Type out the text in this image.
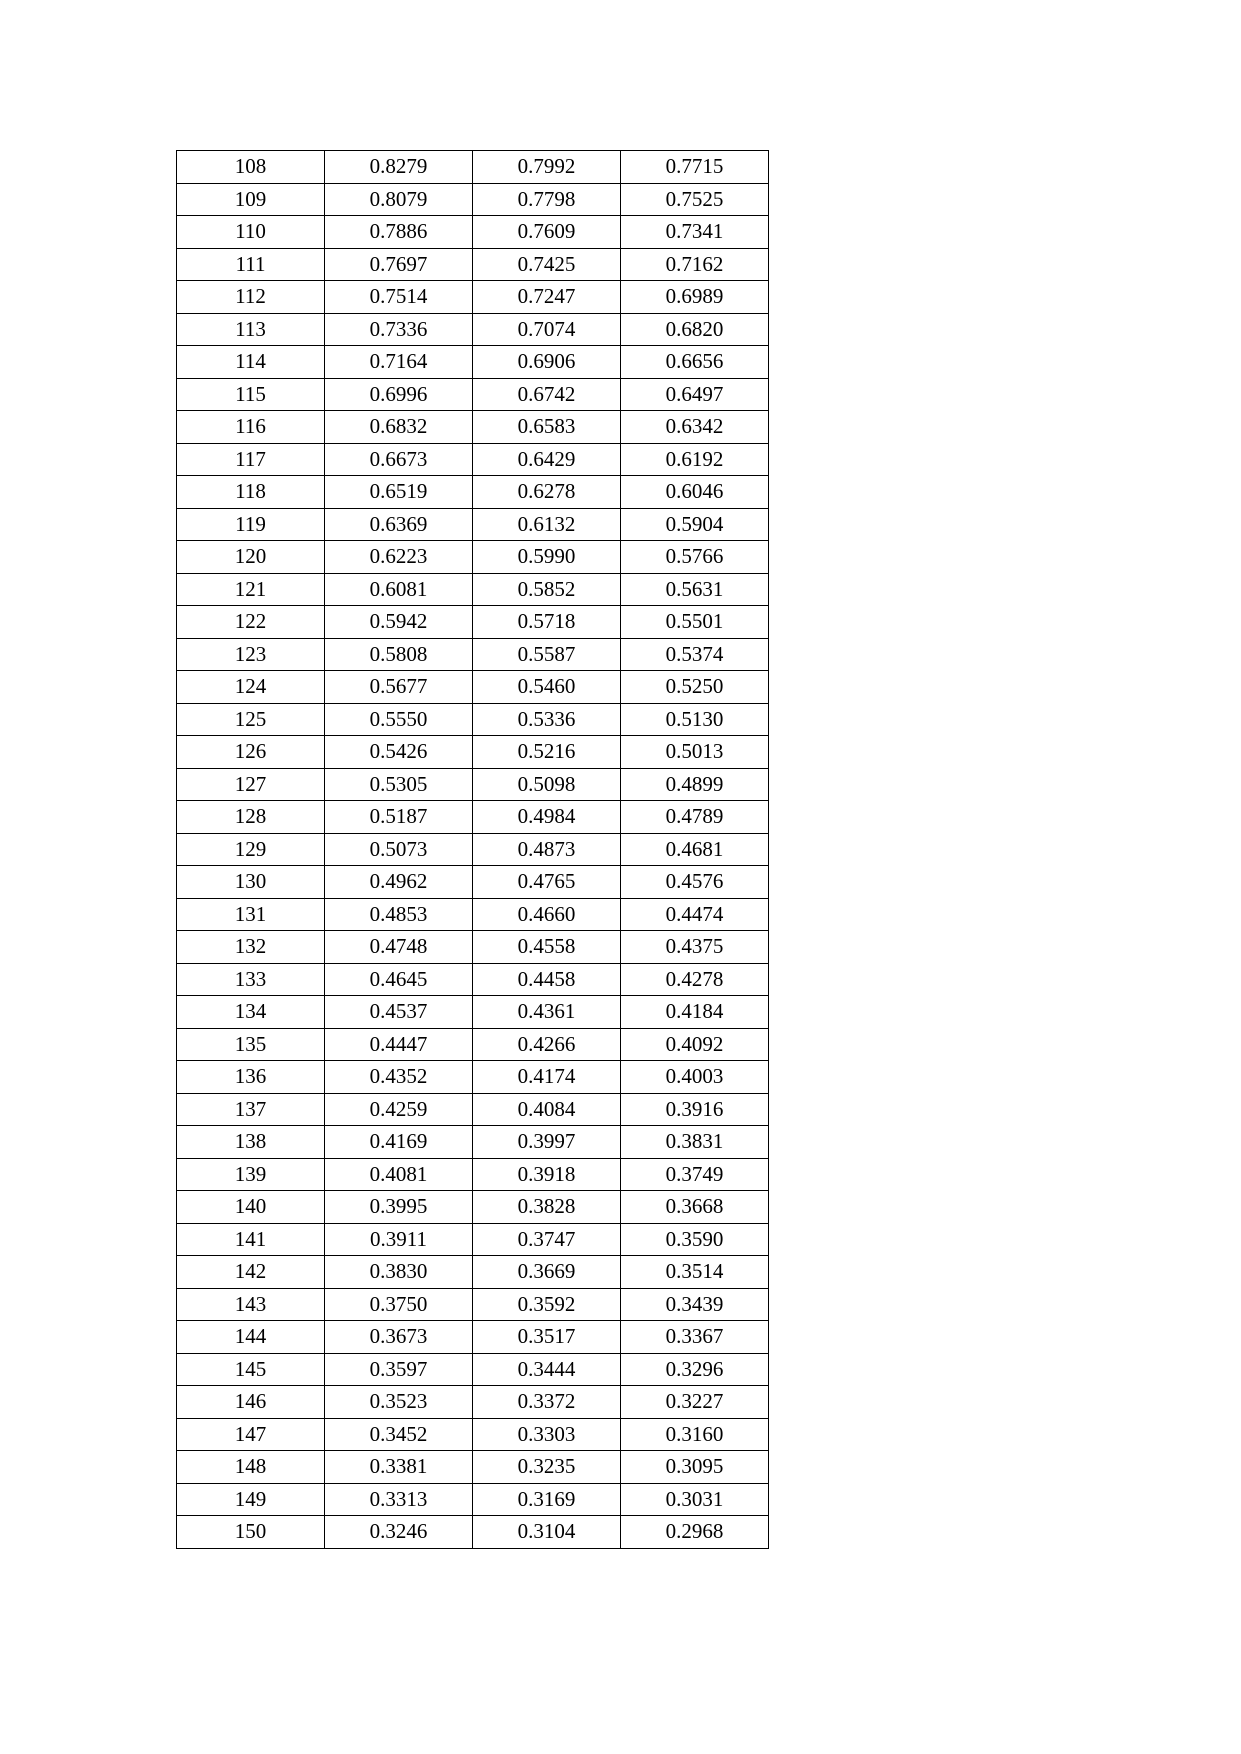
108	0.8279	0.7992	0.7715
109	0.8079	0.7798	0.7525
110	0.7886	0.7609	0.7341
111	0.7697	0.7425	0.7162
112	0.7514	0.7247	0.6989
113	0.7336	0.7074	0.6820
114	0.7164	0.6906	0.6656
115	0.6996	0.6742	0.6497
116	0.6832	0.6583	0.6342
117	0.6673	0.6429	0.6192
118	0.6519	0.6278	0.6046
119	0.6369	0.6132	0.5904
120	0.6223	0.5990	0.5766
121	0.6081	0.5852	0.5631
122	0.5942	0.5718	0.5501
123	0.5808	0.5587	0.5374
124	0.5677	0.5460	0.5250
125	0.5550	0.5336	0.5130
126	0.5426	0.5216	0.5013
127	0.5305	0.5098	0.4899
128	0.5187	0.4984	0.4789
129	0.5073	0.4873	0.4681
130	0.4962	0.4765	0.4576
131	0.4853	0.4660	0.4474
132	0.4748	0.4558	0.4375
133	0.4645	0.4458	0.4278
134	0.4537	0.4361	0.4184
135	0.4447	0.4266	0.4092
136	0.4352	0.4174	0.4003
137	0.4259	0.4084	0.3916
138	0.4169	0.3997	0.3831
139	0.4081	0.3918	0.3749
140	0.3995	0.3828	0.3668
141	0.3911	0.3747	0.3590
142	0.3830	0.3669	0.3514
143	0.3750	0.3592	0.3439
144	0.3673	0.3517	0.3367
145	0.3597	0.3444	0.3296
146	0.3523	0.3372	0.3227
147	0.3452	0.3303	0.3160
148	0.3381	0.3235	0.3095
149	0.3313	0.3169	0.3031
150	0.3246	0.3104	0.2968
